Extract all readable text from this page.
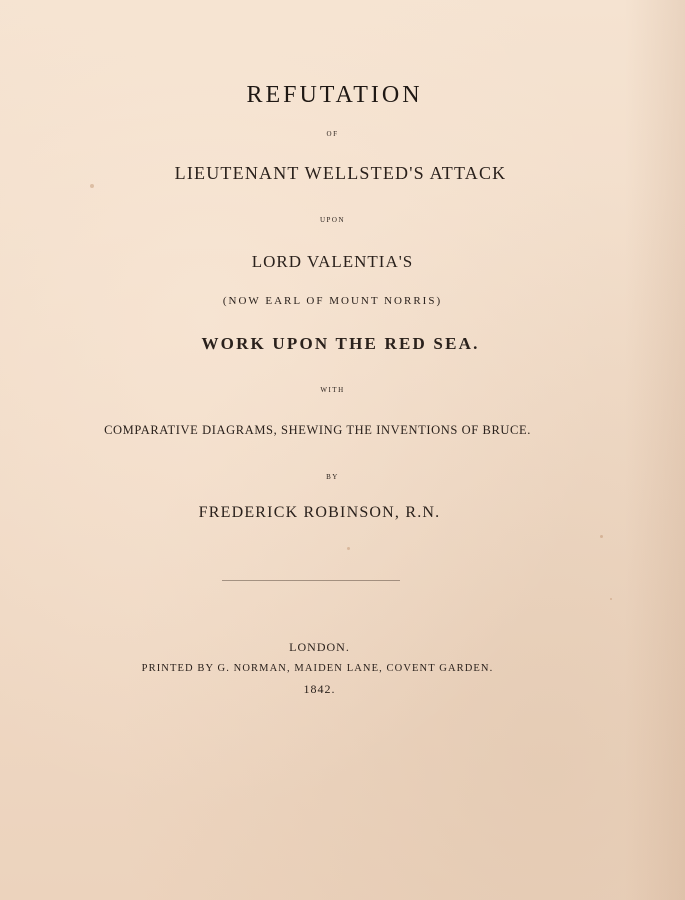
REFUTATION
OF
LIEUTENANT WELLSTED'S ATTACK
UPON
LORD VALENTIA'S
(NOW EARL OF MOUNT NORRIS)
WORK UPON THE RED SEA.
WITH
COMPARATIVE DIAGRAMS, SHEWING THE INVENTIONS OF BRUCE.
BY
FREDERICK ROBINSON, R.N.
LONDON.
PRINTED BY G. NORMAN, MAIDEN LANE, COVENT GARDEN.
1842.
